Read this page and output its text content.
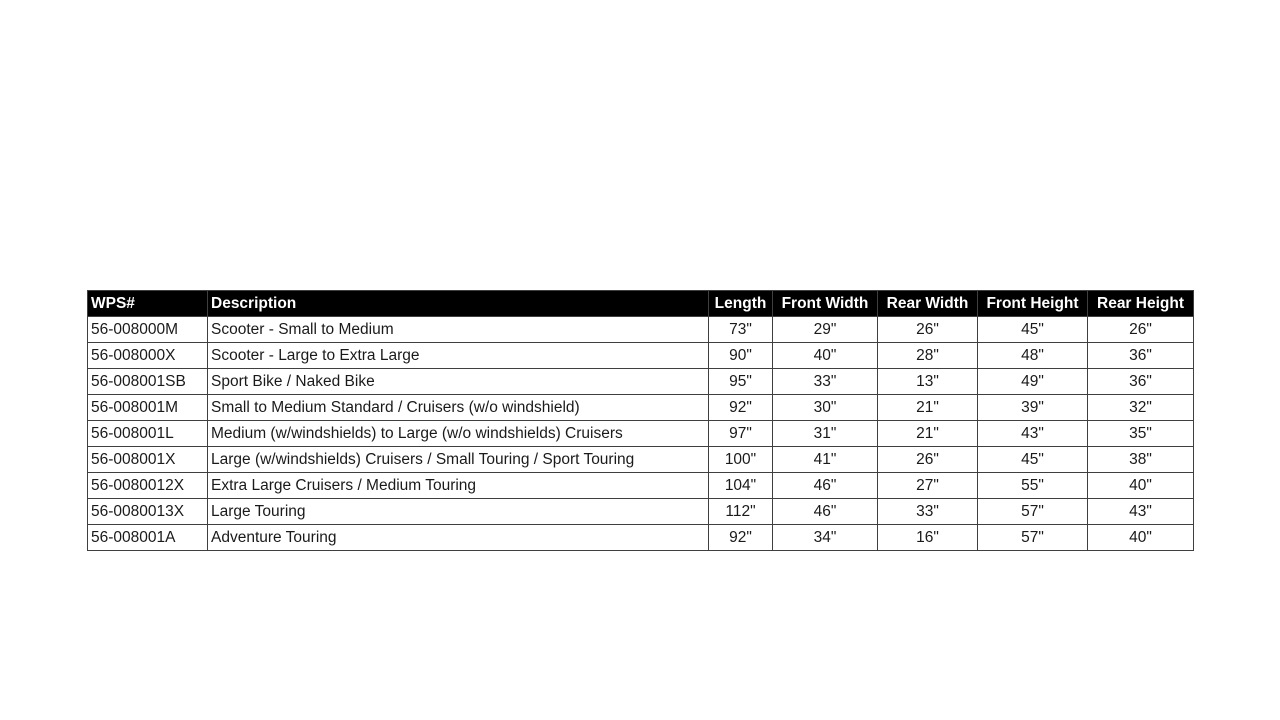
WPS#	Description	Length	Front Width	Rear Width	Front Height	Rear Height
56-008000M	Scooter - Small to Medium	73"	29"	26"	45"	26"
56-008000X	Scooter - Large to Extra Large	90"	40"	28"	48"	36"
56-008001SB	Sport Bike / Naked Bike	95"	33"	13"	49"	36"
56-008001M	Small to Medium Standard / Cruisers (w/o windshield)	92"	30"	21"	39"	32"
56-008001L	Medium (w/windshields) to Large (w/o windshields) Cruisers	97"	31"	21"	43"	35"
56-008001X	Large (w/windshields) Cruisers / Small Touring / Sport Touring	100"	41"	26"	45"	38"
56-0080012X	Extra Large Cruisers / Medium Touring	104"	46"	27"	55"	40"
56-0080013X	Large Touring	112"	46"	33"	57"	43"
56-008001A	Adventure Touring	92"	34"	16"	57"	40"
